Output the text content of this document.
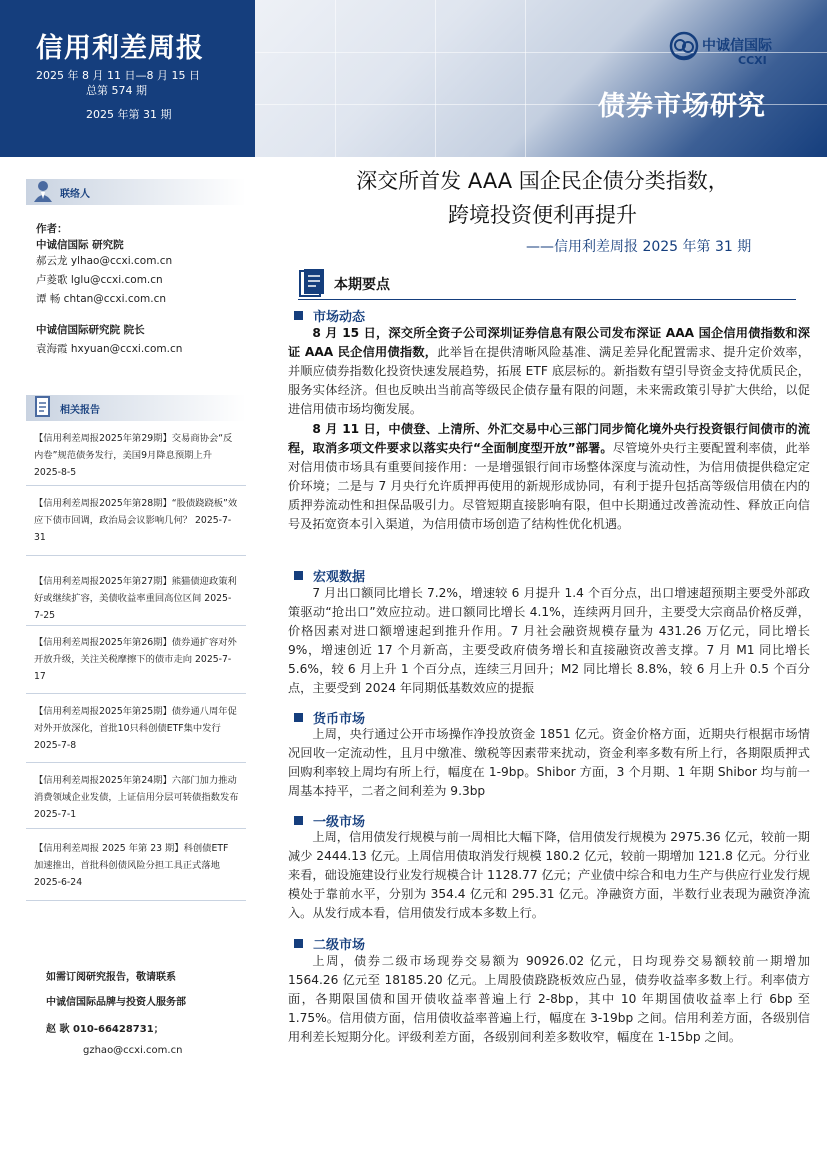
信用利差周报
2025 年 8 月 11 日—8 月 15 日
总第 574 期
2025 年第 31 期
中诚信国际
CCXI
债券市场研究
联络人
作者：
中诚信国际 研究院
郝云龙 ylhao@ccxi.com.cn
卢菱歌 lglu@ccxi.com.cn
谭 畅 chtan@ccxi.com.cn
中诚信国际研究院 院长
袁海霞 hxyuan@ccxi.com.cn
相关报告
【信用利差周报2025年第29期】交易商协会“反内卷”规范债务发行，美国9月降息预期上升 2025-8-5
【信用利差周报2025年第28期】“股债跷跷板”效应下债市回调，政治局会议影响几何？ 2025-7-31
【信用利差周报2025年第27期】熊猫债迎政策利好或继续扩容，美债收益率重回高位区间 2025-7-25
【信用利差周报2025年第26期】债券通扩容对外开放升级，关注关税摩擦下的债市走向 2025-7-17
【信用利差周报2025年第25期】债券通八周年促对外开放深化，首批10只科创债ETF集中发行 2025-7-8
【信用利差周报2025年第24期】六部门加力推动消费领域企业发债，上证信用分层可转债指数发布 2025-7-1
【信用利差周报 2025 年第 23 期】科创债ETF 加速推出，首批科创债风险分担工具正式落地 2025-6-24
如需订阅研究报告，敬请联系
中诚信国际品牌与投资人服务部
赵 耿 010-66428731；
gzhao@ccxi.com.cn
深交所首发 AAA 国企民企债分类指数，
跨境投资便利再提升
——信用利差周报 2025 年第 31 期
本期要点
市场动态
8 月 15 日，深交所全资子公司深圳证券信息有限公司发布深证 AAA 国企信用债指数和深证 AAA 民企信用债指数，此举旨在提供清晰风险基准、满足差异化配置需求、提升定价效率，并顺应债券指数化投资快速发展趋势，拓展 ETF 底层标的。新指数有望引导资金支持优质民企，服务实体经济。但也反映出当前高等级民企债存量有限的问题，未来需政策引导扩大供给，以促进信用债市场均衡发展。
8 月 11 日，中债登、上清所、外汇交易中心三部门同步简化境外央行投资银行间债市的流程，取消多项文件要求以落实央行“全面制度型开放”部署。尽管境外央行主要配置利率债，此举对信用债市场具有重要间接作用：一是增强银行间市场整体深度与流动性，为信用债提供稳定定价环境；二是与 7 月央行允许质押再使用的新规形成协同，有利于提升包括高等级信用债在内的质押券流动性和担保品吸引力。尽管短期直接影响有限，但中长期通过改善流动性、释放正向信号及拓宽资本引入渠道，为信用债市场创造了结构性优化机遇。
宏观数据
7 月出口额同比增长 7.2%，增速较 6 月提升 1.4 个百分点，出口增速超预期主要受外部政策驱动“抢出口”效应拉动。进口额同比增长 4.1%，连续两月回升，主要受大宗商品价格反弹，价格因素对进口额增速起到推升作用。7 月社会融资规模存量为 431.26 万亿元，同比增长 9%，增速创近 17 个月新高，主要受政府债务增长和直接融资改善支撑。7 月 M1 同比增长 5.6%，较 6 月上升 1 个百分点，连续三月回升；M2 同比增长 8.8%，较 6 月上升 0.5 个百分点，主要受到 2024 年同期低基数效应的提振
货币市场
上周，央行通过公开市场操作净投放资金 1851 亿元。资金价格方面，近期央行根据市场情况回收一定流动性，且月中缴准、缴税等因素带来扰动，资金利率多数有所上行，各期限质押式回购利率较上周均有所上行，幅度在 1-9bp。Shibor 方面，3 个月期、1 年期 Shibor 均与前一周基本持平，二者之间利差为 9.3bp
一级市场
上周，信用债发行规模与前一周相比大幅下降，信用债发行规模为 2975.36 亿元，较前一期减少 2444.13 亿元。上周信用债取消发行规模 180.2 亿元，较前一期增加 121.8 亿元。分行业来看，础设施建设行业发行规模合计 1128.77 亿元；产业债中综合和电力生产与供应行业发行规模处于靠前水平，分别为 354.4 亿元和 295.31 亿元。净融资方面，半数行业表现为融资净流入。从发行成本看，信用债发行成本多数上行。
二级市场
上周，债券二级市场现券交易额为 90926.02 亿元，日均现券交易额较前一期增加 1564.26 亿元至 18185.20 亿元。上周股债跷跷板效应凸显，债券收益率多数上行。利率债方面，各期限国债和国开债收益率普遍上行 2-8bp，其中 10 年期国债收益率上行 6bp 至 1.75%。信用债方面，信用债收益率普遍上行，幅度在 3-19bp 之间。信用利差方面，各级别信用利差长短期分化。评级利差方面，各级别间利差多数收窄，幅度在 1-15bp 之间。
